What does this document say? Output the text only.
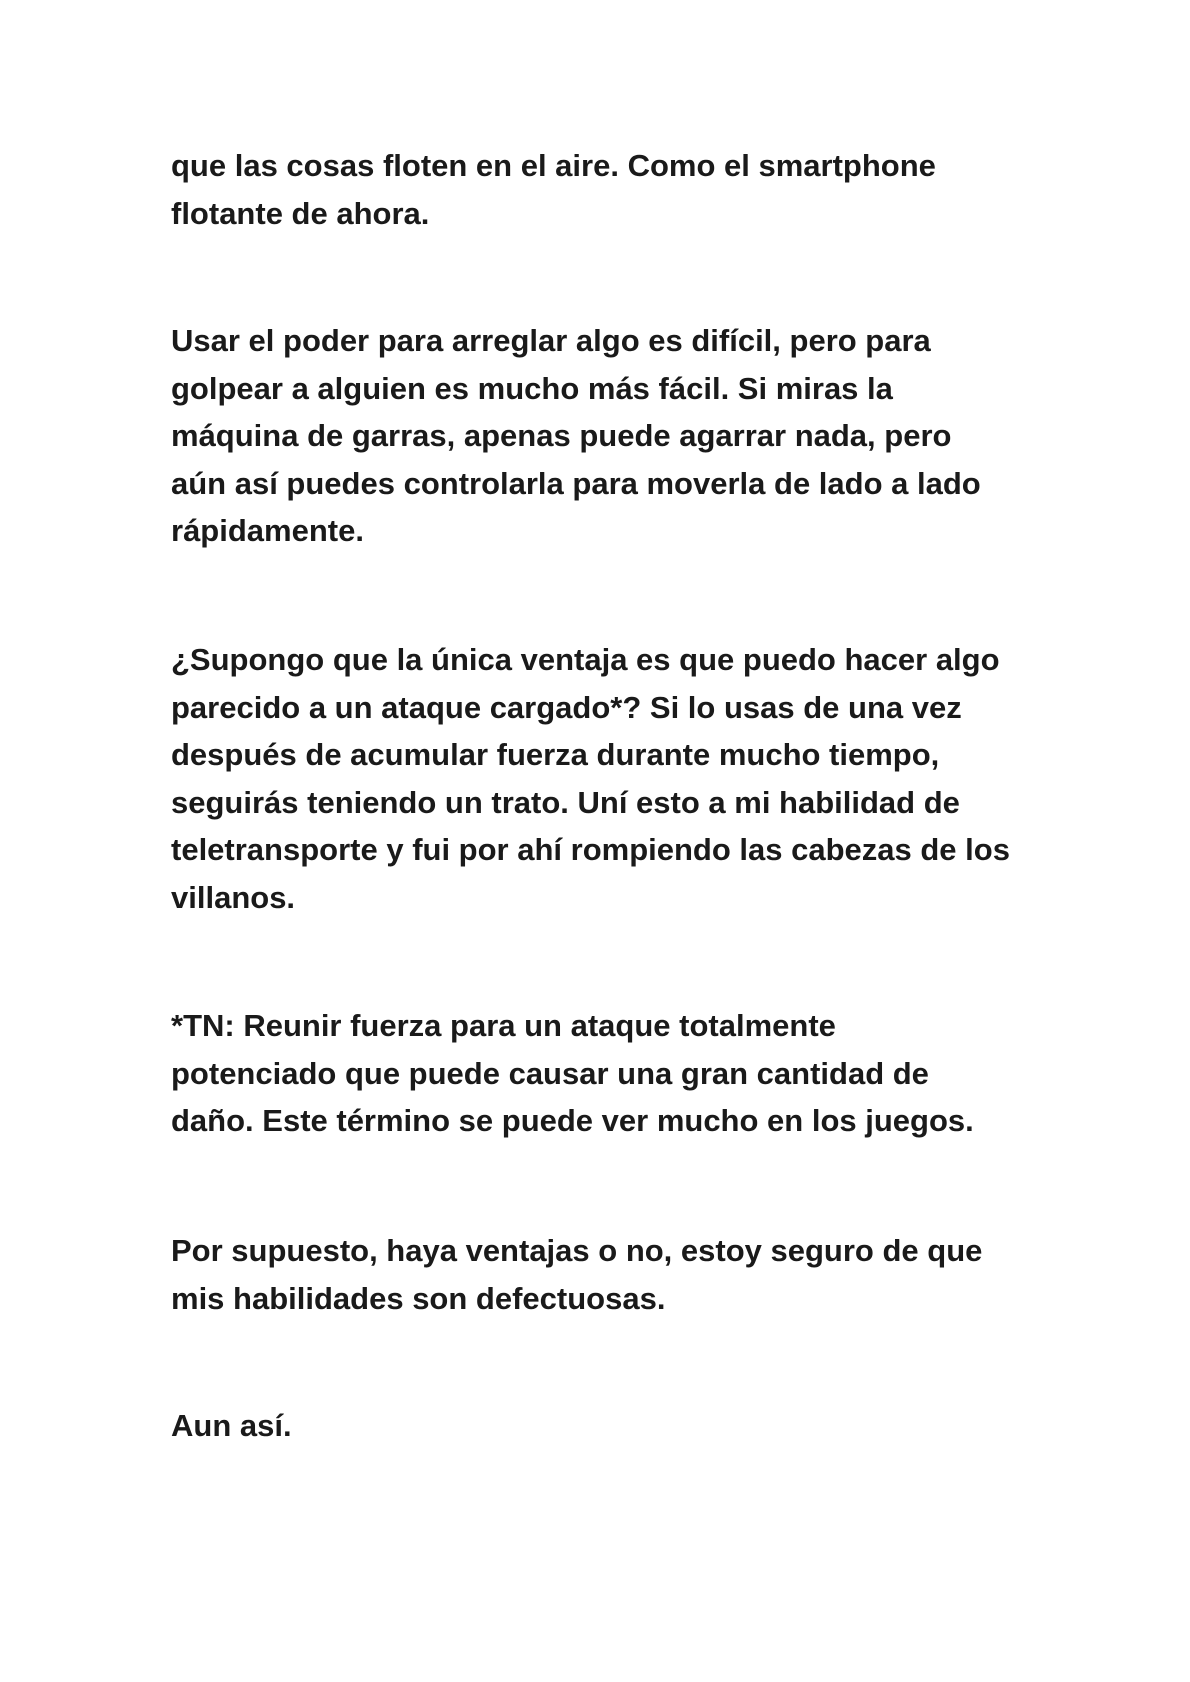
que las cosas floten en el aire. Como el smartphone
flotante de ahora.

Usar el poder para arreglar algo es difícil, pero para
golpear a alguien es mucho más fácil. Si miras la
máquina de garras, apenas puede agarrar nada, pero
aún así puedes controlarla para moverla de lado a lado
rápidamente.

¿Supongo que la única ventaja es que puedo hacer algo
parecido a un ataque cargado*? Si lo usas de una vez
después de acumular fuerza durante mucho tiempo,
seguirás teniendo un trato. Uní esto a mi habilidad de
teletransporte y fui por ahí rompiendo las cabezas de los
villanos.

*TN: Reunir fuerza para un ataque totalmente
potenciado que puede causar una gran cantidad de
daño. Este término se puede ver mucho en los juegos.

Por supuesto, haya ventajas o no, estoy seguro de que
mis habilidades son defectuosas.

Aun así.
